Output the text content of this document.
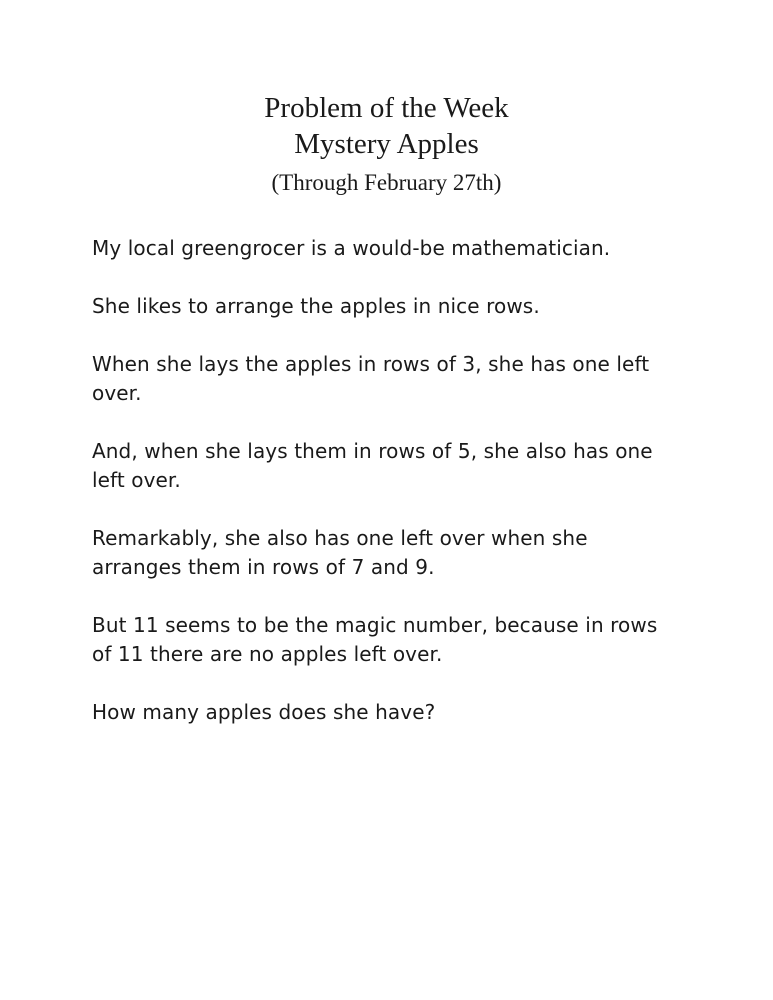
Problem of the Week
Mystery Apples
(Through February 27th)

My local greengrocer is a would-be mathematician.

She likes to arrange the apples in nice rows.

When she lays the apples in rows of 3, she has one left over.

And, when she lays them in rows of 5, she also has one left over.

Remarkably, she also has one left over when she arranges them in rows of 7 and 9.

But 11 seems to be the magic number, because in rows of 11 there are no apples left over.

How many apples does she have?
